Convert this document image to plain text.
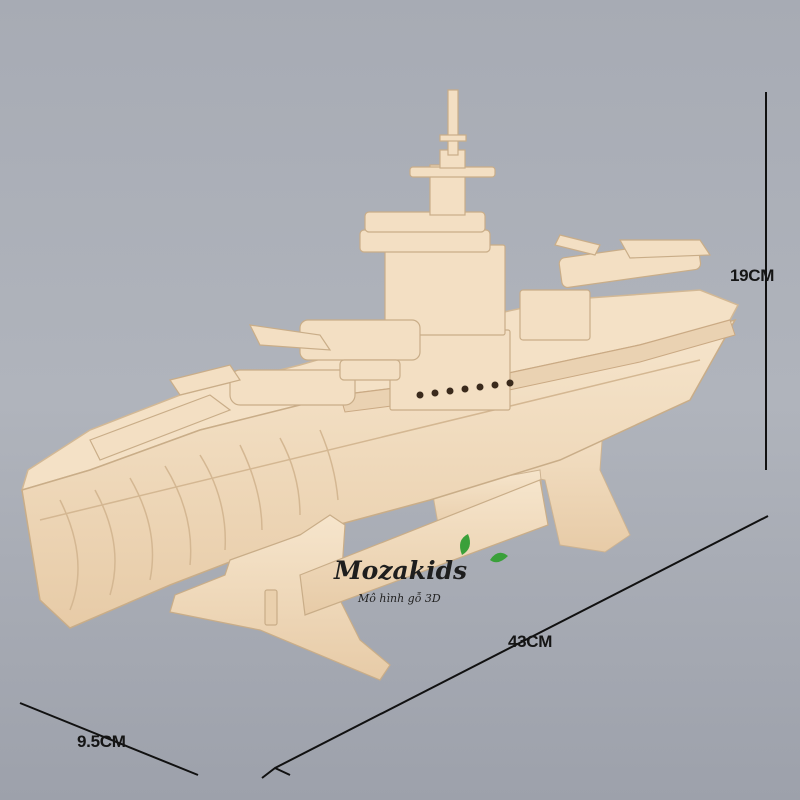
19CM
43CM
9.5CM
Mozakids
Mô hình gỗ 3D
